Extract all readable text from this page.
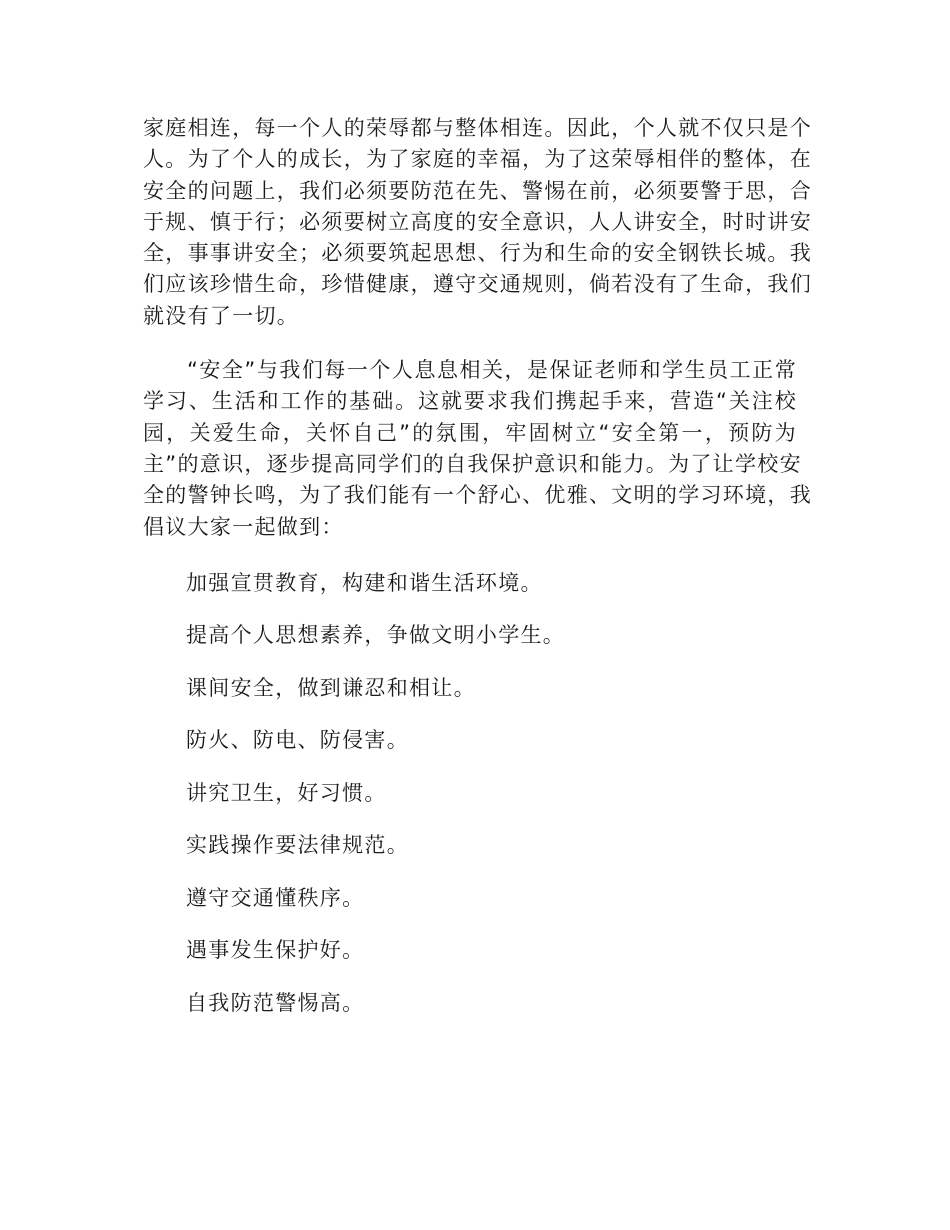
家庭相连，每一个人的荣辱都与整体相连。因此，个人就不仅只是个
人。为了个人的成长，为了家庭的幸福，为了这荣辱相伴的整体，在
安全的问题上，我们必须要防范在先、警惕在前，必须要警于思，合
于规、慎于行；必须要树立高度的安全意识，人人讲安全，时时讲安
全，事事讲安全；必须要筑起思想、行为和生命的安全钢铁长城。我
们应该珍惜生命，珍惜健康，遵守交通规则，倘若没有了生命，我们
就没有了一切。

“安全”与我们每一个人息息相关，是保证老师和学生员工正常
学习、生活和工作的基础。这就要求我们携起手来，营造“关注校
园，关爱生命，关怀自己”的氛围，牢固树立“安全第一，预防为
主”的意识，逐步提高同学们的自我保护意识和能力。为了让学校安
全的警钟长鸣，为了我们能有一个舒心、优雅、文明的学习环境，我
倡议大家一起做到：

加强宣贯教育，构建和谐生活环境。
提高个人思想素养，争做文明小学生。
课间安全，做到谦忍和相让。
防火、防电、防侵害。
讲究卫生，好习惯。
实践操作要法律规范。
遵守交通懂秩序。
遇事发生保护好。
自我防范警惕高。
